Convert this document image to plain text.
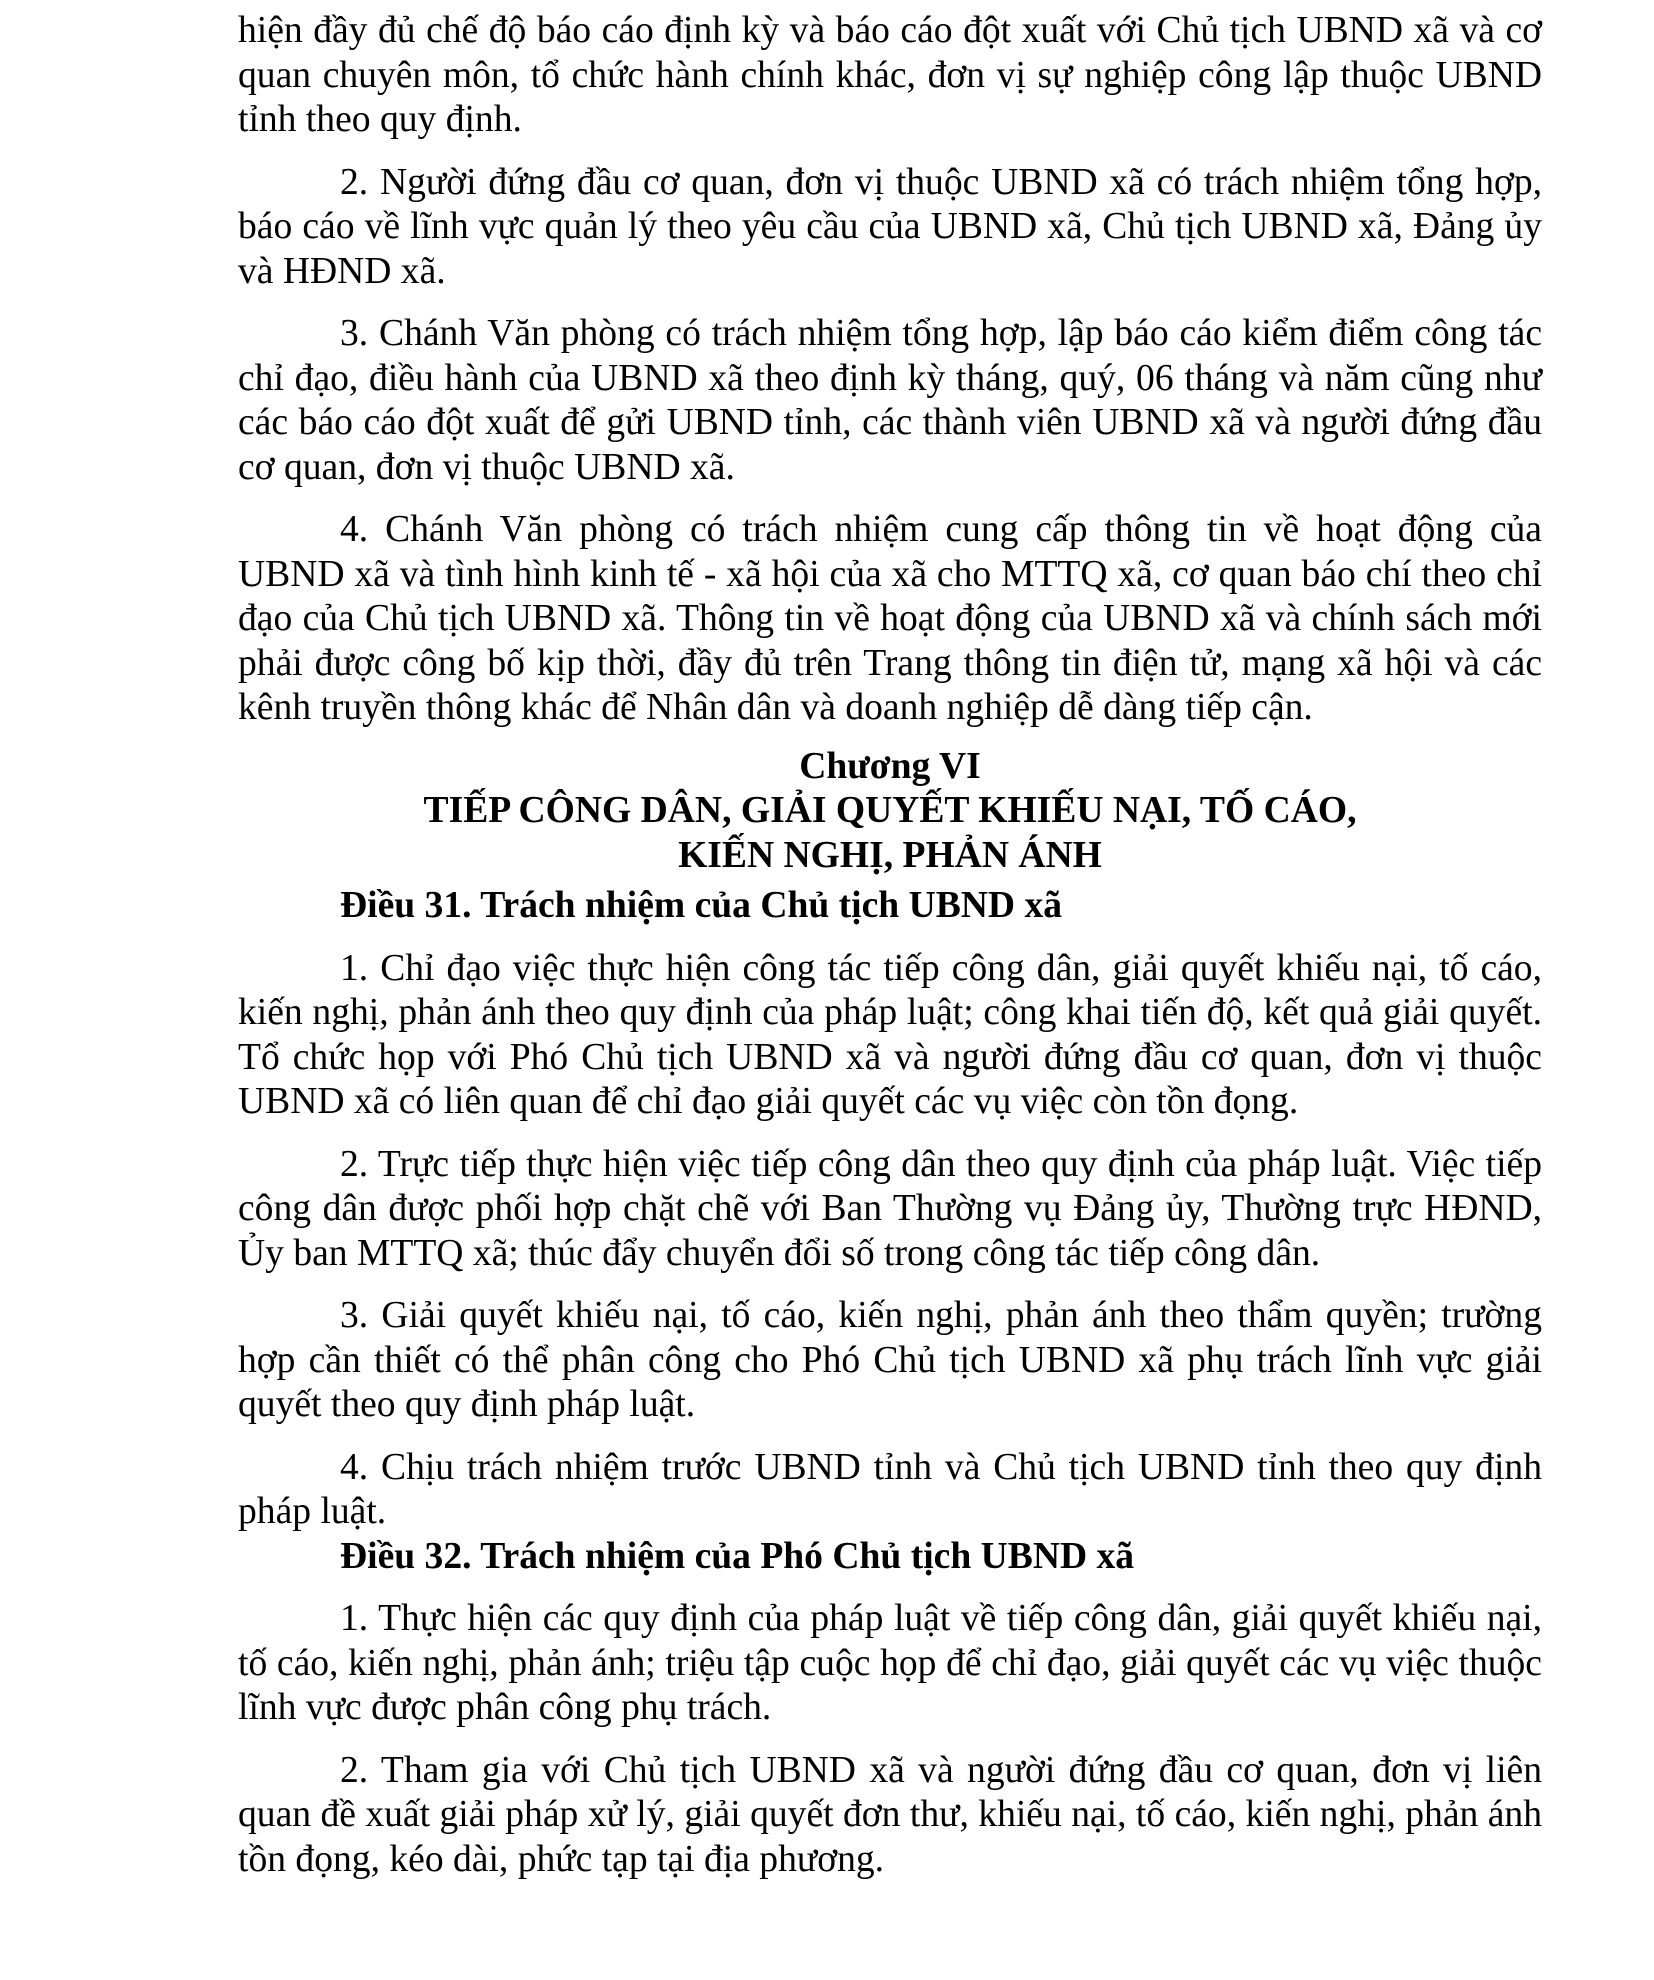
hiện đầy đủ chế độ báo cáo định kỳ và báo cáo đột xuất với Chủ tịch UBND xã và cơ quan chuyên môn, tổ chức hành chính khác, đơn vị sự nghiệp công lập thuộc UBND tỉnh theo quy định.

2. Người đứng đầu cơ quan, đơn vị thuộc UBND xã có trách nhiệm tổng hợp, báo cáo về lĩnh vực quản lý theo yêu cầu của UBND xã, Chủ tịch UBND xã, Đảng ủy và HĐND xã.

3. Chánh Văn phòng có trách nhiệm tổng hợp, lập báo cáo kiểm điểm công tác chỉ đạo, điều hành của UBND xã theo định kỳ tháng, quý, 06 tháng và năm cũng như các báo cáo đột xuất để gửi UBND tỉnh, các thành viên UBND xã và người đứng đầu cơ quan, đơn vị thuộc UBND xã.

4. Chánh Văn phòng có trách nhiệm cung cấp thông tin về hoạt động của UBND xã và tình hình kinh tế - xã hội của xã cho MTTQ xã, cơ quan báo chí theo chỉ đạo của Chủ tịch UBND xã. Thông tin về hoạt động của UBND xã và chính sách mới phải được công bố kịp thời, đầy đủ trên Trang thông tin điện tử, mạng xã hội và các kênh truyền thông khác để Nhân dân và doanh nghiệp dễ dàng tiếp cận.

Chương VI

TIẾP CÔNG DÂN, GIẢI QUYẾT KHIẾU NẠI, TỐ CÁO,

KIẾN NGHỊ, PHẢN ÁNH

Điều 31. Trách nhiệm của Chủ tịch UBND xã

1. Chỉ đạo việc thực hiện công tác tiếp công dân, giải quyết khiếu nại, tố cáo, kiến nghị, phản ánh theo quy định của pháp luật; công khai tiến độ, kết quả giải quyết. Tổ chức họp với Phó Chủ tịch UBND xã và người đứng đầu cơ quan, đơn vị thuộc UBND xã có liên quan để chỉ đạo giải quyết các vụ việc còn tồn đọng.

2. Trực tiếp thực hiện việc tiếp công dân theo quy định của pháp luật. Việc tiếp công dân được phối hợp chặt chẽ với Ban Thường vụ Đảng ủy, Thường trực HĐND, Ủy ban MTTQ xã; thúc đẩy chuyển đổi số trong công tác tiếp công dân.

3. Giải quyết khiếu nại, tố cáo, kiến nghị, phản ánh theo thẩm quyền; trường hợp cần thiết có thể phân công cho Phó Chủ tịch UBND xã phụ trách lĩnh vực giải quyết theo quy định pháp luật.

4. Chịu trách nhiệm trước UBND tỉnh và Chủ tịch UBND tỉnh theo quy định pháp luật.

Điều 32. Trách nhiệm của Phó Chủ tịch UBND xã

1. Thực hiện các quy định của pháp luật về tiếp công dân, giải quyết khiếu nại, tố cáo, kiến nghị, phản ánh; triệu tập cuộc họp để chỉ đạo, giải quyết các vụ việc thuộc lĩnh vực được phân công phụ trách.

2. Tham gia với Chủ tịch UBND xã và người đứng đầu cơ quan, đơn vị liên quan đề xuất giải pháp xử lý, giải quyết đơn thư, khiếu nại, tố cáo, kiến nghị, phản ánh tồn đọng, kéo dài, phức tạp tại địa phương.
